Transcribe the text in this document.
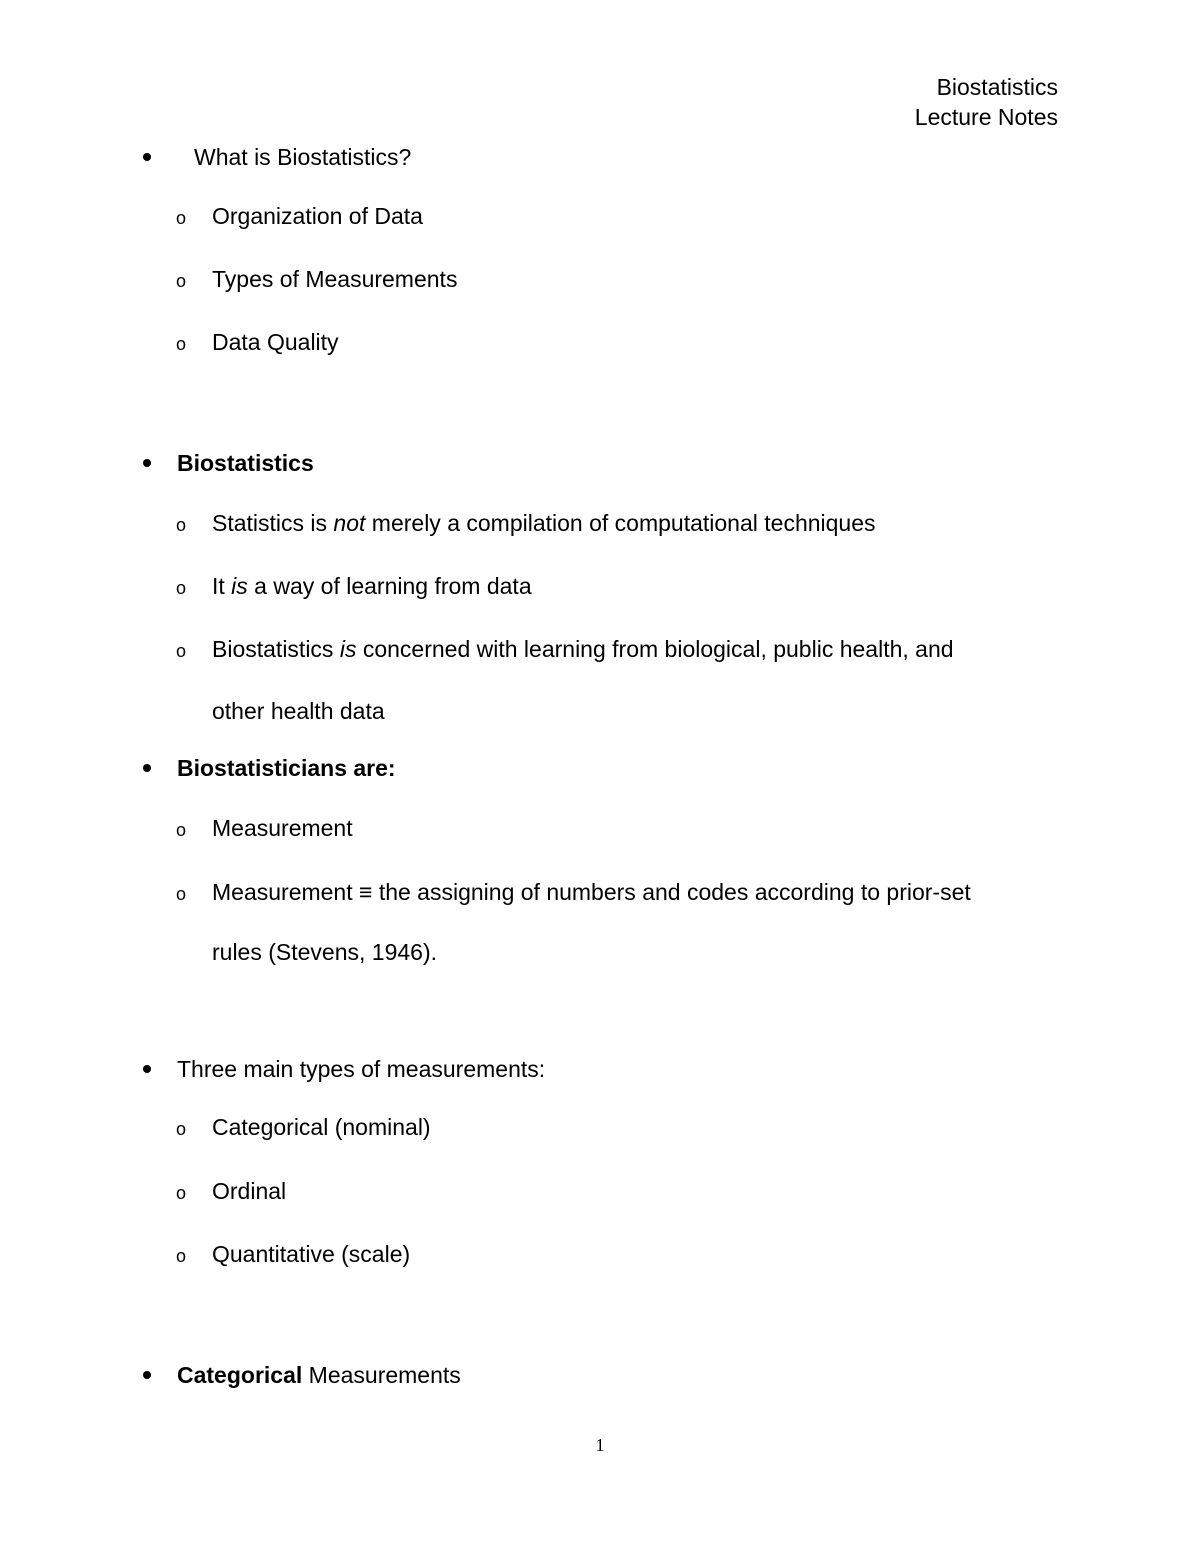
Biostatistics
Lecture Notes
What is Biostatistics?
o Organization of Data
o Types of Measurements
o Data Quality
Biostatistics
o Statistics is not merely a compilation of computational techniques
o It is a way of learning from data
o Biostatistics is concerned with learning from biological, public health, and
other health data
Biostatisticians are:
o Measurement
o Measurement ≡ the assigning of numbers and codes according to prior-set
rules (Stevens, 1946).
Three main types of measurements:
o Categorical (nominal)
o Ordinal
o Quantitative (scale)
Categorical Measurements
1
